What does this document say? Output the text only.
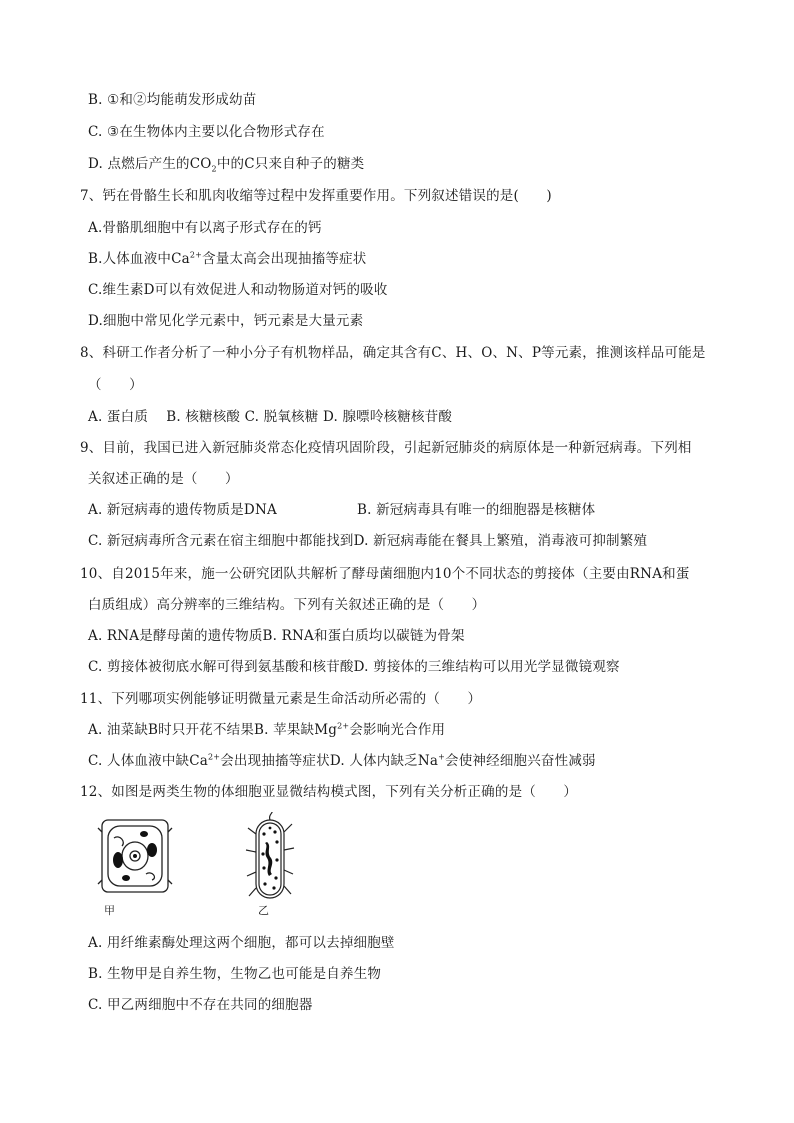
B. ①和②均能萌发形成幼苗
C. ③在生物体内主要以化合物形式存在
D. 点燃后产生的$CO_2$中的C只来自种子的糖类
7、钙在骨骼生长和肌肉收缩等过程中发挥重要作用。下列叙述错误的是(　　)
A.骨骼肌细胞中有以离子形式存在的钙
B.人体血液中$Ca^{2+}$含量太高会出现抽搐等症状
C.维生素D可以有效促进人和动物肠道对钙的吸收
D.细胞中常见化学元素中，钙元素是大量元素
8、科研工作者分析了一种小分子有机物样品，确定其含有C、H、O、N、P等元素，推测该样品可能是
（　　）
A. 蛋白质　 B. 核糖核酸 C. 脱氧核糖 D. 腺嘌呤核糖核苷酸
9、目前，我国已进入新冠肺炎常态化疫情巩固阶段，引起新冠肺炎的病原体是一种新冠病毒。下列相
关叙述正确的是（　　）
A. 新冠病毒的遗传物质是DNA	B. 新冠病毒具有唯一的细胞器是核糖体
C. 新冠病毒所含元素在宿主细胞中都能找到D. 新冠病毒能在餐具上繁殖，消毒液可抑制繁殖
10、自2015年来，施一公研究团队共解析了酵母菌细胞内10个不同状态的剪接体（主要由RNA和蛋
白质组成）高分辨率的三维结构。下列有关叙述正确的是（　　）
A. RNA是酵母菌的遗传物质B. RNA和蛋白质均以碳链为骨架
C. 剪接体被彻底水解可得到氨基酸和核苷酸D. 剪接体的三维结构可以用光学显微镜观察
11、下列哪项实例能够证明微量元素是生命活动所必需的（　　）
A. 油菜缺B时只开花不结果B. 苹果缺$Mg^{2+}$会影响光合作用
C. 人体血液中缺$Ca^{2+}$会出现抽搐等症状D. 人体内缺乏Na+会使神经细胞兴奋性减弱
12、如图是两类生物的体细胞亚显微结构模式图，下列有关分析正确的是（　　）
甲	乙
A. 用纤维素酶处理这两个细胞，都可以去掉细胞壁
B. 生物甲是自养生物，生物乙也可能是自养生物
C. 甲乙两细胞中不存在共同的细胞器
